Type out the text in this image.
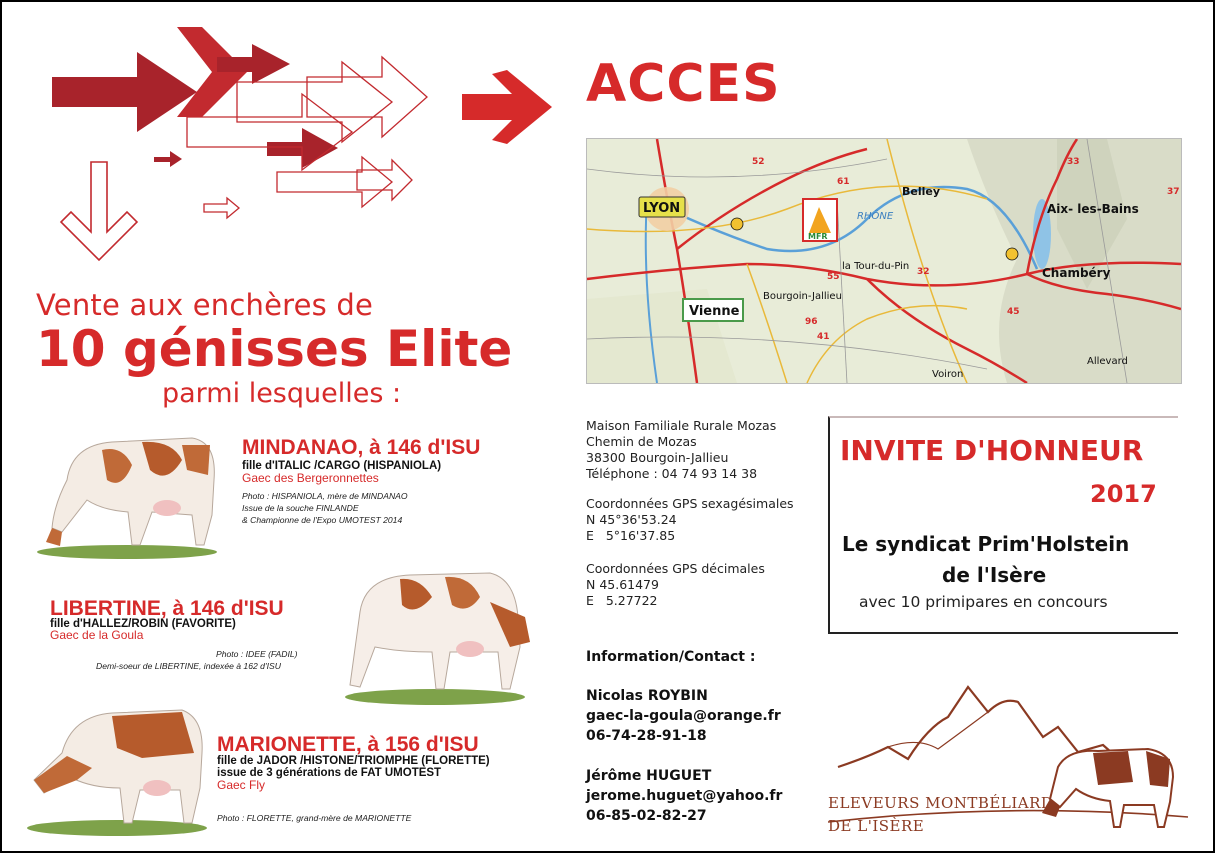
Vente aux enchères de
10 génisses Elite
parmi lesquelles :
MINDANAO, à 146 d'ISU
fille d'ITALIC /CARGO (HISPANIOLA)
Gaec des Bergeronnettes
Photo : HISPANIOLA, mère de MINDANAO
Issue de la souche FINLANDE
& Championne de l'Expo UMOTEST 2014
LIBERTINE, à 146 d'ISU
fille d'HALLEZ/ROBIN (FAVORITE)
Gaec de la Goula
Photo : IDEE (FADIL)
Demi-soeur de LIBERTINE, indexée à 162 d'ISU
MARIONETTE, à 156 d'ISU
fille de JADOR /HISTONE/TRIOMPHE (FLORETTE)
issue de 3 générations de FAT UMOTEST
Gaec Fly
Photo : FLORETTE, grand-mère de MARIONETTE
ACCES
LYON
MFR
Vienne
Belley
Aix- les-Bains
Chambéry
la Tour-du-Pin
Bourgoin-Jallieu
Voiron
Allevard
RHÔNE
52
61
55	32
41
96
33
37
45
Maison Familiale Rurale Mozas
Chemin de Mozas
38300 Bourgoin-Jallieu
Téléphone : 04 74 93 14 38
Coordonnées GPS sexagésimales
N 45°36'53.24
E   5°16'37.85
Coordonnées GPS décimales
N 45.61479
E   5.27722
Information/Contact :
Nicolas ROYBIN
gaec-la-goula@orange.fr
06-74-28-91-18
Jérôme HUGUET
jerome.huguet@yahoo.fr
06-85-02-82-27
INVITE D'HONNEUR
2017
Le syndicat Prim'Holstein
de l'Isère
avec 10 primipares en concours
ELEVEURS MONTBÉLIARD
DE L'ISÈRE
